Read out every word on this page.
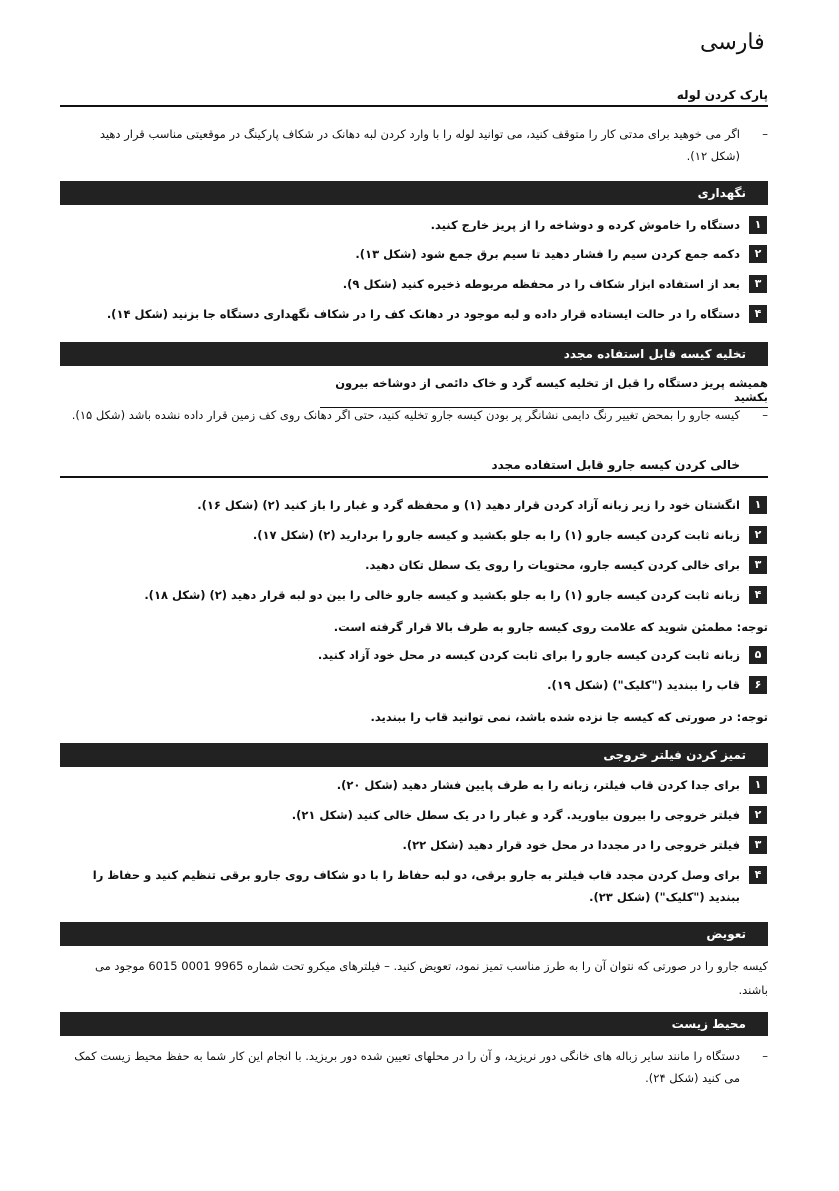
فارسی
پارک کردن لوله
–
اگر می خوهید برای مدتی کار را متوقف کنید، می توانید لوله را با وارد کردن لبه دهانک در شکاف پارکینگ در موقعیتی مناسب قرار دهید (شکل ۱۲).
نگهداری
۱
دستگاه را خاموش کرده و دوشاخه را از پریز خارج کنید.
۲
دکمه جمع کردن سیم را فشار دهید تا سیم برق جمع شود (شکل ۱۳).
۳
بعد از استفاده ابزار شکاف را در محفظه مربوطه ذخیره کنید (شکل ۹).
۴
دستگاه را در حالت ایستاده قرار داده و لبه موجود در دهانک کف را در شکاف نگهداری دستگاه جا بزنید (شکل ۱۴).
تخلیه کیسه قابل استفاده مجدد
همیشه پریز دستگاه را قبل از تخلیه کیسه گرد و خاک دائمی از دوشاخه بیرون بکشید
–
کیسه جارو را بمحض تغییر رنگ دایمی نشانگر پر بودن کیسه جارو تخلیه کنید، حتی اگر دهانک روی کف زمین قرار داده نشده باشد (شکل ۱۵).
خالی کردن کیسه جارو قابل استفاده مجدد
۱
انگشتان خود را زیر زبانه آزاد کردن قرار دهید (۱) و محفظه گرد و غبار را باز کنید (۲) (شکل ۱۶).
۲
زبانه ثابت کردن کیسه جارو (۱) را به جلو بکشید و کیسه جارو را بردارید (۲) (شکل ۱۷).
۳
برای خالی کردن کیسه جارو، محتویات را روی یک سطل تکان دهید.
۴
زبانه ثابت کردن کیسه جارو (۱) را به جلو بکشید و کیسه جارو خالی را بین دو لبه قرار دهید (۲) (شکل ۱۸).
توجه: مطمئن شوید که علامت روی کیسه جارو به طرف بالا قرار گرفته است.
۵
زبانه ثابت کردن کیسه جارو را برای ثابت کردن کیسه در محل خود آزاد کنید.
۶
قاب را ببندید ("کلیک") (شکل ۱۹).
توجه: در صورتی که کیسه جا نزده شده باشد، نمی توانید قاب را ببندید.
تمیز کردن فیلتر خروجی
۱
برای جدا کردن قاب فیلتر، زبانه را به طرف پایین فشار دهید (شکل ۲۰).
۲
فیلتر خروجی را بیرون بیاورید. گرد و غبار را در یک سطل خالی کنید (شکل ۲۱).
۳
فیلتر خروجی را در مجددا در محل خود قرار دهید (شکل ۲۲).
۴
برای وصل کردن مجدد قاب فیلتر به جارو برقی، دو لبه حفاظ را با دو شکاف روی جارو برقی تنظیم کنید و حفاظ را ببندید ("کلیک") (شکل ۲۳).
تعویض
کیسه جارو را در صورتی که نتوان آن را به طرز مناسب تمیز نمود، تعویض کنید. – فیلترهای میکرو تحت شماره 9965 0001 6015 موجود می باشند.
محیط زیست
–
دستگاه را مانند سایر زباله های خانگی دور نریزید، و آن را در محلهای تعیین شده دور بریزید. با انجام این کار شما به حفظ محیط زیست کمک می کنید (شکل ۲۴).
